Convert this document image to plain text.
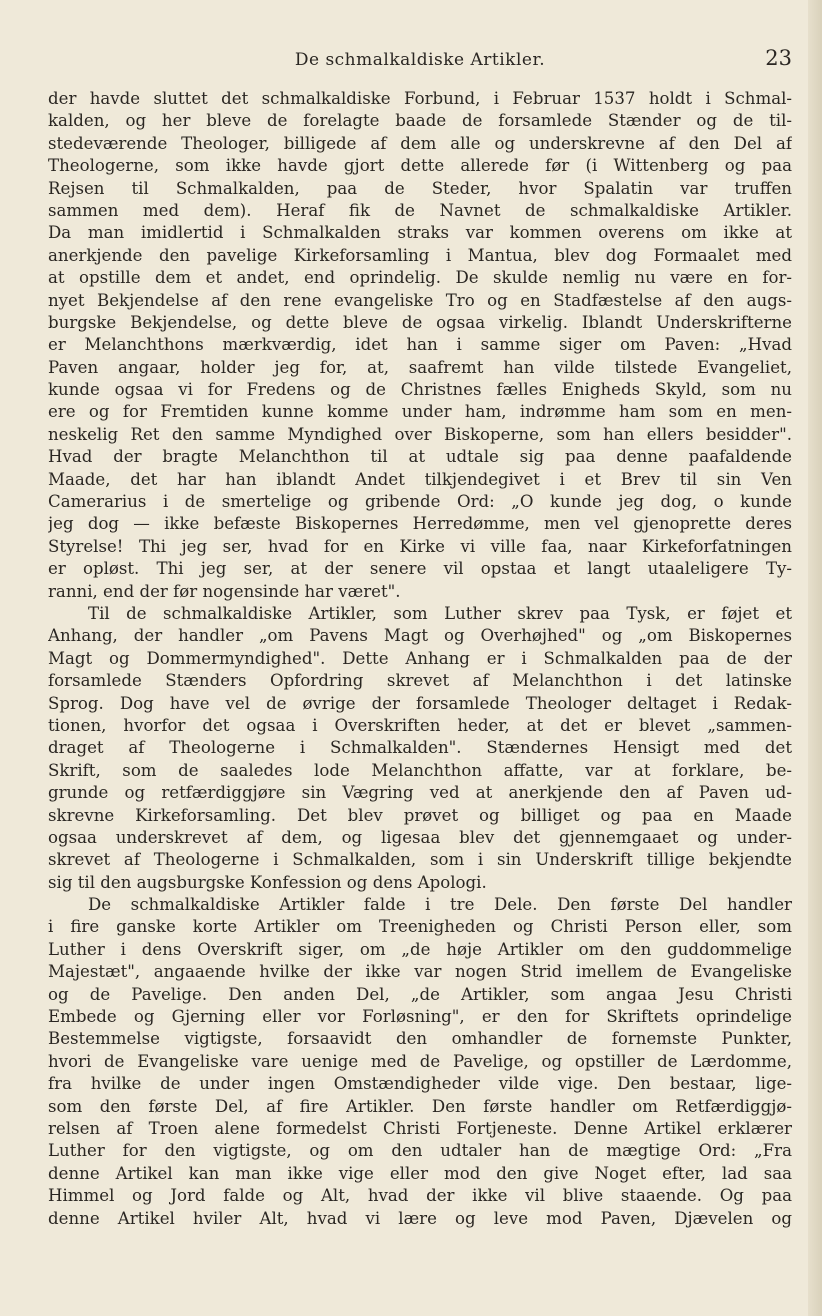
De schmalkaldiske Artikler.	23
der havde sluttet det schmalkaldiske Forbund, i Februar 1537 holdt i Schmal-
kalden, og her bleve de forelagte baade de forsamlede Stænder og de til-
stedeværende Theologer, billigede af dem alle og underskrevne af den Del af
Theologerne, som ikke havde gjort dette allerede før (i Wittenberg og paa
Rejsen til Schmalkalden, paa de Steder, hvor Spalatin var truffen
sammen med dem). Heraf fik de Navnet de schmalkaldiske Artikler.
Da man imidlertid i Schmalkalden straks var kommen overens om ikke at
anerkjende den pavelige Kirkeforsamling i Mantua, blev dog Formaalet med
at opstille dem et andet, end oprindelig. De skulde nemlig nu være en for-
nyet Bekjendelse af den rene evangeliske Tro og en Stadfæstelse af den augs-
burgske Bekjendelse, og dette bleve de ogsaa virkelig. Iblandt Underskrifterne
er Melanchthons mærkværdig, idet han i samme siger om Paven: „Hvad
Paven angaar, holder jeg for, at, saafremt han vilde tilstede Evangeliet,
kunde ogsaa vi for Fredens og de Christnes fælles Enigheds Skyld, som nu
ere og for Fremtiden kunne komme under ham, indrømme ham som en men-
neskelig Ret den samme Myndighed over Biskoperne, som han ellers besidder".
Hvad der bragte Melanchthon til at udtale sig paa denne paafaldende
Maade, det har han iblandt Andet tilkjendegivet i et Brev til sin Ven
Camerarius i de smertelige og gribende Ord: „O kunde jeg dog, o kunde
jeg dog — ikke befæste Biskopernes Herredømme, men vel gjenoprette deres
Styrelse! Thi jeg ser, hvad for en Kirke vi ville faa, naar Kirkeforfatningen
er opløst. Thi jeg ser, at der senere vil opstaa et langt utaaleligere Ty-
ranni, end der før nogensinde har været".
Til de schmalkaldiske Artikler, som Luther skrev paa Tysk, er føjet et
Anhang, der handler „om Pavens Magt og Overhøjhed" og „om Biskopernes
Magt og Dommermyndighed". Dette Anhang er i Schmalkalden paa de der
forsamlede Stænders Opfordring skrevet af Melanchthon i det latinske
Sprog. Dog have vel de øvrige der forsamlede Theologer deltaget i Redak-
tionen, hvorfor det ogsaa i Overskriften heder, at det er blevet „sammen-
draget af Theologerne i Schmalkalden". Stændernes Hensigt med det
Skrift, som de saaledes lode Melanchthon affatte, var at forklare, be-
grunde og retfærdiggjøre sin Vægring ved at anerkjende den af Paven ud-
skrevne Kirkeforsamling. Det blev prøvet og billiget og paa en Maade
ogsaa underskrevet af dem, og ligesaa blev det gjennemgaaet og under-
skrevet af Theologerne i Schmalkalden, som i sin Underskrift tillige bekjendte
sig til den augsburgske Konfession og dens Apologi.
De schmalkaldiske Artikler falde i tre Dele. Den første Del handler
i fire ganske korte Artikler om Treenigheden og Christi Person eller, som
Luther i dens Overskrift siger, om „de høje Artikler om den guddommelige
Majestæt", angaaende hvilke der ikke var nogen Strid imellem de Evangeliske
og de Pavelige. Den anden Del, „de Artikler, som angaa Jesu Christi
Embede og Gjerning eller vor Forløsning", er den for Skriftets oprindelige
Bestemmelse vigtigste, forsaavidt den omhandler de fornemste Punkter,
hvori de Evangeliske vare uenige med de Pavelige, og opstiller de Lærdomme,
fra hvilke de under ingen Omstændigheder vilde vige. Den bestaar, lige-
som den første Del, af fire Artikler. Den første handler om Retfærdiggjø-
relsen af Troen alene formedelst Christi Fortjeneste. Denne Artikel erklærer
Luther for den vigtigste, og om den udtaler han de mægtige Ord: „Fra
denne Artikel kan man ikke vige eller mod den give Noget efter, lad saa
Himmel og Jord falde og Alt, hvad der ikke vil blive staaende. Og paa
denne Artikel hviler Alt, hvad vi lære og leve mod Paven, Djævelen og
